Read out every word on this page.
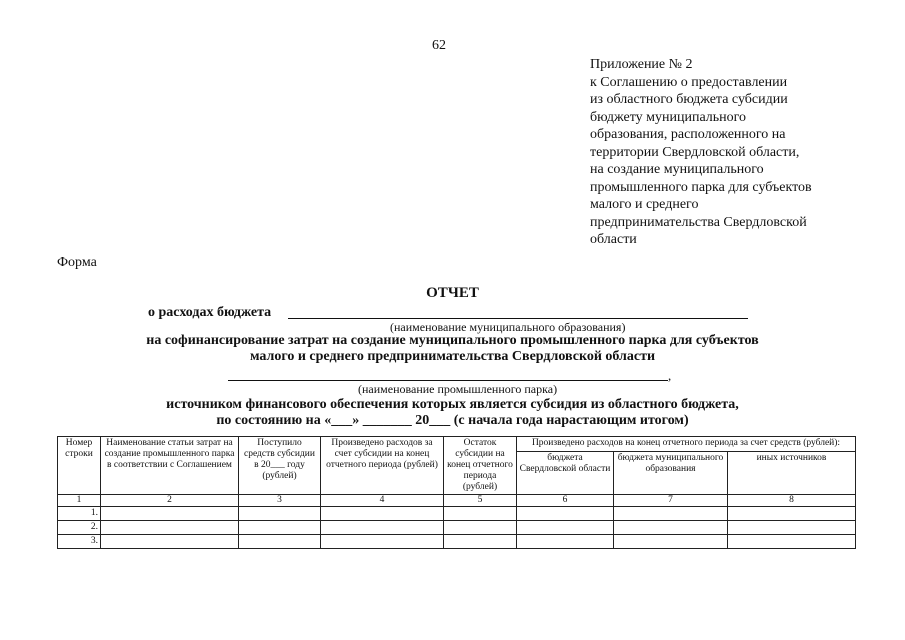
62
Приложение № 2
к Соглашению о предоставлении
из областного бюджета субсидии
бюджету муниципального
образования, расположенного на
территории Свердловской области,
на создание муниципального
промышленного парка для субъектов
малого и среднего
предпринимательства Свердловской
области
Форма
ОТЧЕТ
о расходах бюджета
(наименование муниципального образования)
на софинансирование затрат на создание муниципального промышленного парка для субъектов
малого и среднего предпринимательства Свердловской области
,
(наименование промышленного парка)
источником финансового обеспечения которых является субсидия из областного бюджета,
по состоянию на «___» _______ 20___ (с начала года нарастающим итогом)
Номер строки	Наименование статьи затрат на создание промышленного парка в соответствии с Соглашением	Поступило средств субсидии в 20___ году (рублей)	Произведено расходов за счет субсидии на конец отчетного периода (рублей)	Остаток субсидии на конец отчетного периода (рублей)	Произведено расходов на конец отчетного периода за счет средств (рублей):		
					бюджета Свердловской области	бюджета муниципального образования	иных источников
1	2	3	4	5	6	7	8
1.							
2.							
3.							
